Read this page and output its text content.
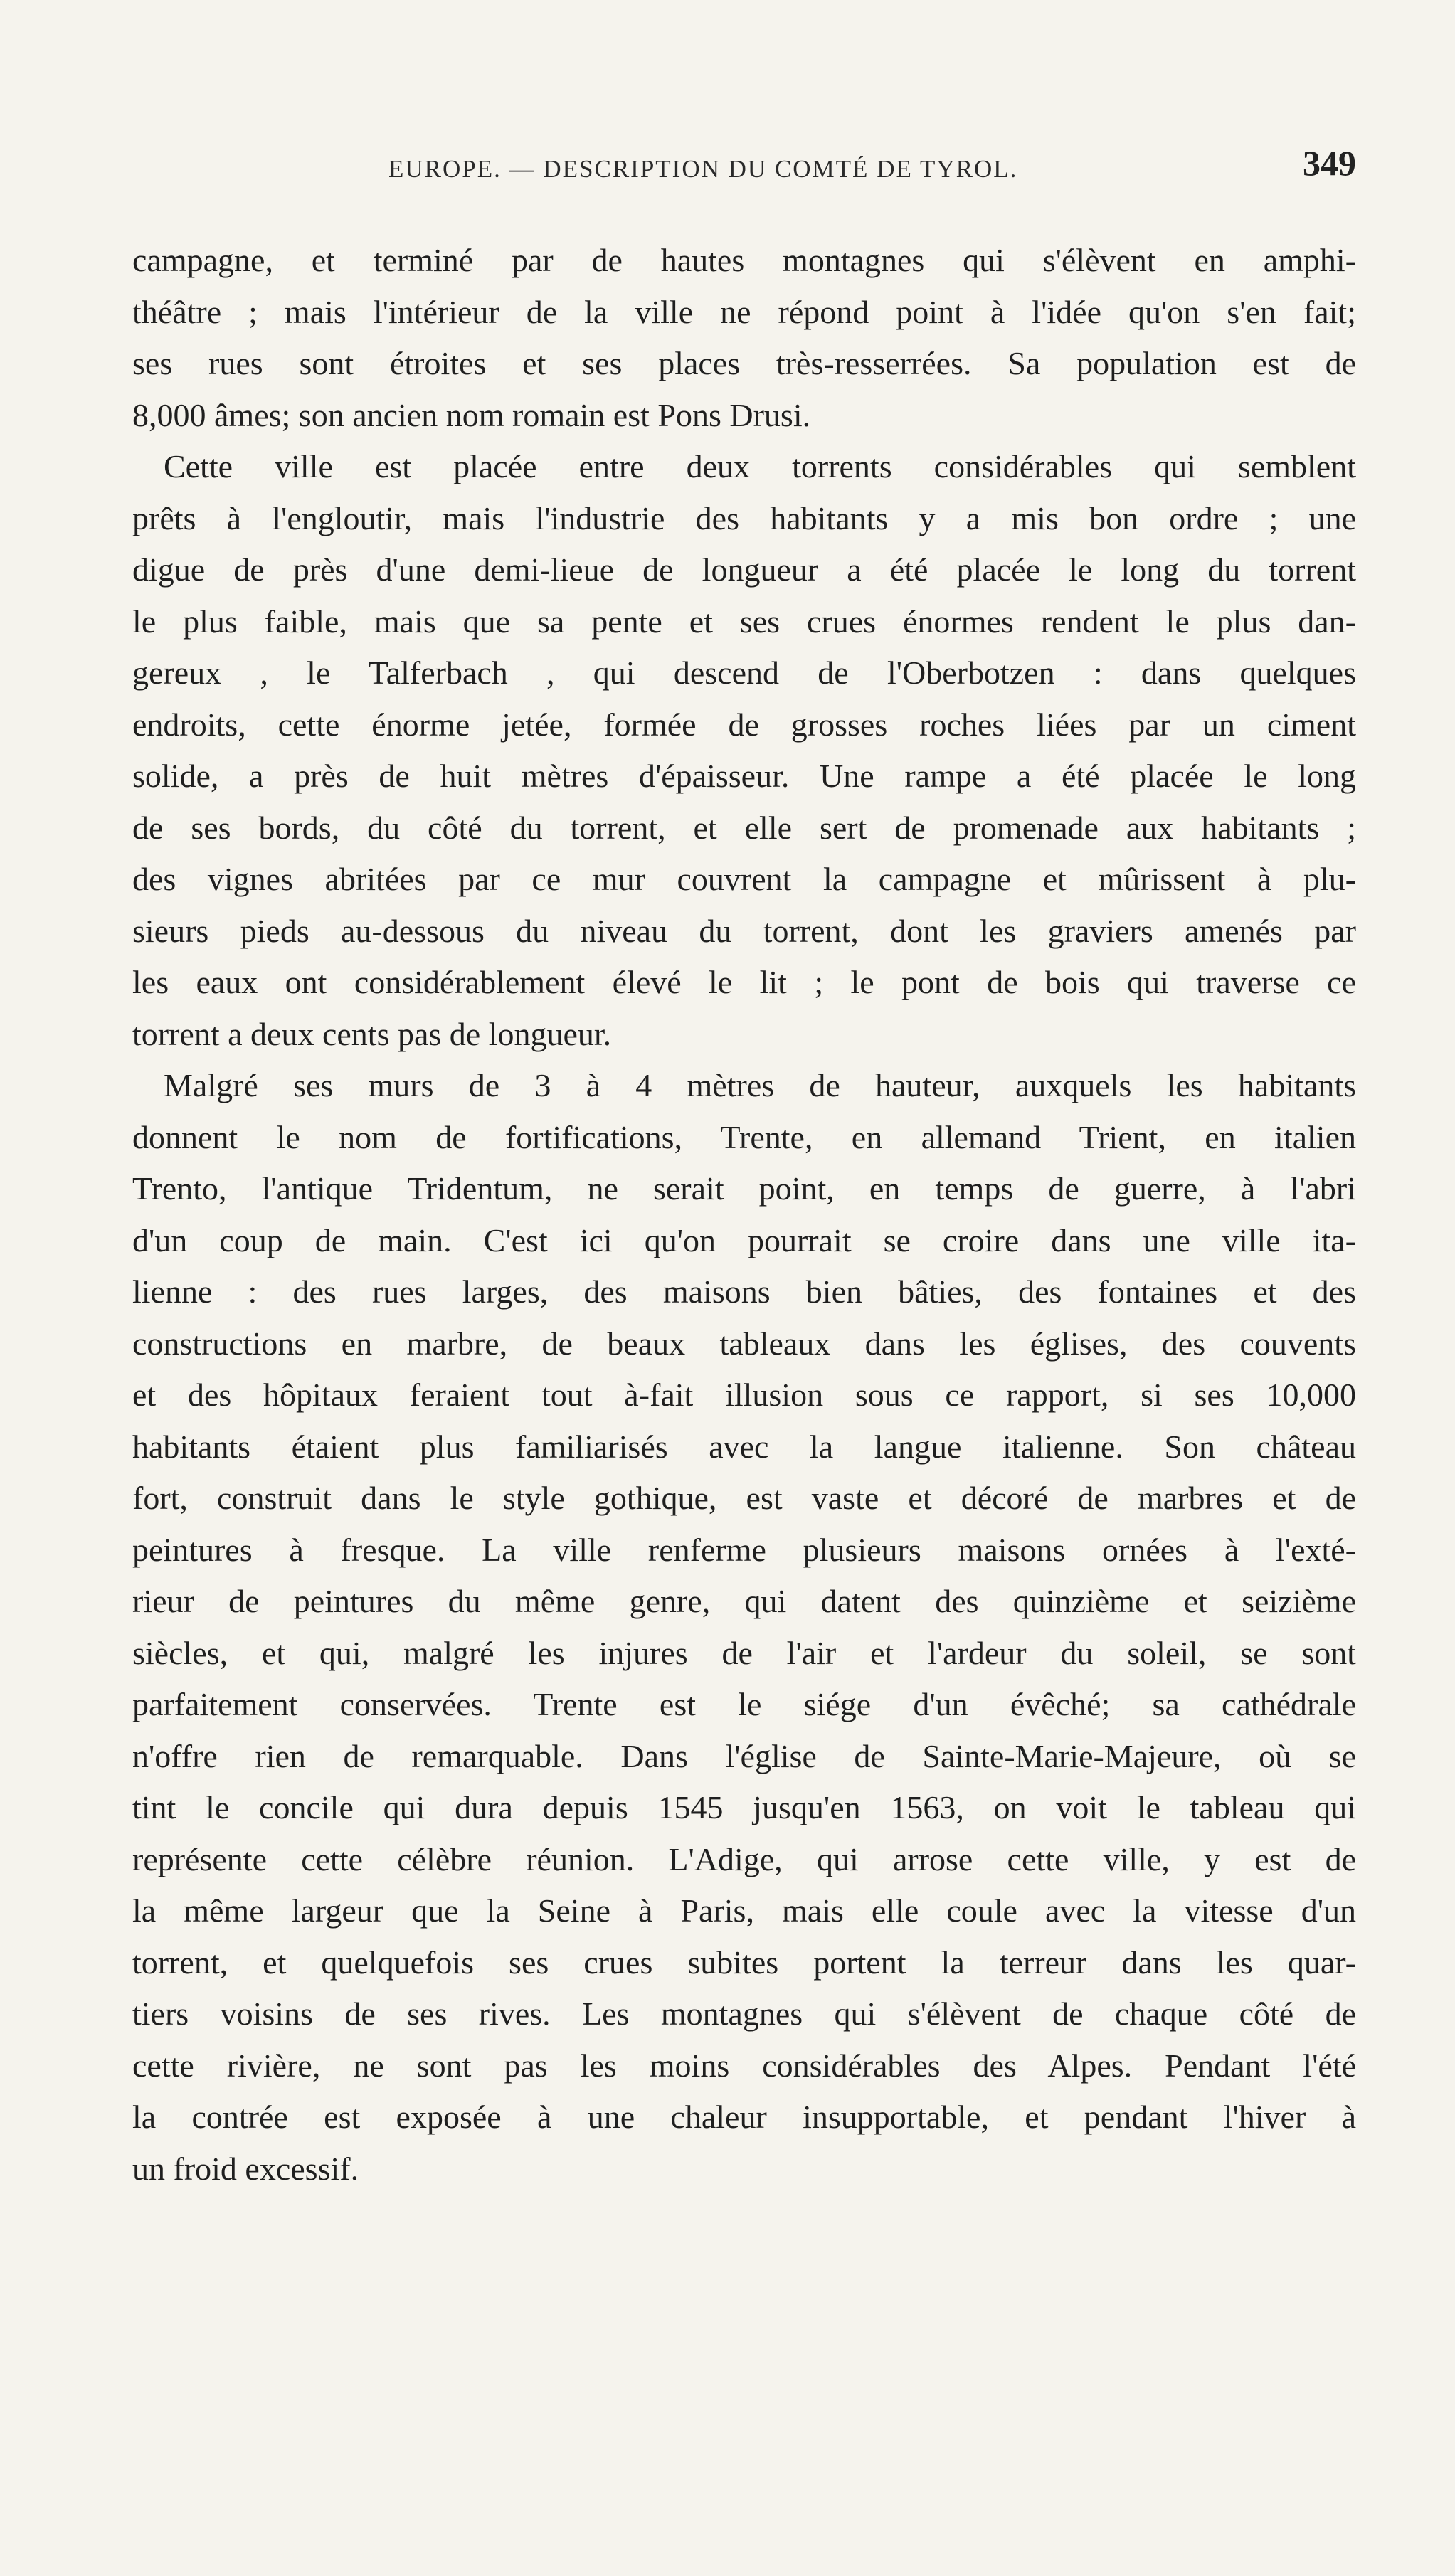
EUROPE. — DESCRIPTION DU COMTÉ DE TYROL.	349
campagne, et terminé par de hautes montagnes qui s'élèvent en amphi-
théâtre ; mais l'intérieur de la ville ne répond point à l'idée qu'on s'en fait;
ses rues sont étroites et ses places très-resserrées. Sa population est de
8,000 âmes; son ancien nom romain est Pons Drusi.
Cette ville est placée entre deux torrents considérables qui semblent
prêts à l'engloutir, mais l'industrie des habitants y a mis bon ordre ; une
digue de près d'une demi-lieue de longueur a été placée le long du torrent
le plus faible, mais que sa pente et ses crues énormes rendent le plus dan-
gereux , le Talferbach , qui descend de l'Oberbotzen : dans quelques
endroits, cette énorme jetée, formée de grosses roches liées par un ciment
solide, a près de huit mètres d'épaisseur. Une rampe a été placée le long
de ses bords, du côté du torrent, et elle sert de promenade aux habitants ;
des vignes abritées par ce mur couvrent la campagne et mûrissent à plu-
sieurs pieds au-dessous du niveau du torrent, dont les graviers amenés par
les eaux ont considérablement élevé le lit ; le pont de bois qui traverse ce
torrent a deux cents pas de longueur.
Malgré ses murs de 3 à 4 mètres de hauteur, auxquels les habitants
donnent le nom de fortifications, Trente, en allemand Trient, en italien
Trento, l'antique Tridentum, ne serait point, en temps de guerre, à l'abri
d'un coup de main. C'est ici qu'on pourrait se croire dans une ville ita-
lienne : des rues larges, des maisons bien bâties, des fontaines et des
constructions en marbre, de beaux tableaux dans les églises, des couvents
et des hôpitaux feraient tout à-fait illusion sous ce rapport, si ses 10,000
habitants étaient plus familiarisés avec la langue italienne. Son château
fort, construit dans le style gothique, est vaste et décoré de marbres et de
peintures à fresque. La ville renferme plusieurs maisons ornées à l'exté-
rieur de peintures du même genre, qui datent des quinzième et seizième
siècles, et qui, malgré les injures de l'air et l'ardeur du soleil, se sont
parfaitement conservées. Trente est le siége d'un évêché; sa cathédrale
n'offre rien de remarquable. Dans l'église de Sainte-Marie-Majeure, où se
tint le concile qui dura depuis 1545 jusqu'en 1563, on voit le tableau qui
représente cette célèbre réunion. L'Adige, qui arrose cette ville, y est de
la même largeur que la Seine à Paris, mais elle coule avec la vitesse d'un
torrent, et quelquefois ses crues subites portent la terreur dans les quar-
tiers voisins de ses rives. Les montagnes qui s'élèvent de chaque côté de
cette rivière, ne sont pas les moins considérables des Alpes. Pendant l'été
la contrée est exposée à une chaleur insupportable, et pendant l'hiver à
un froid excessif.
